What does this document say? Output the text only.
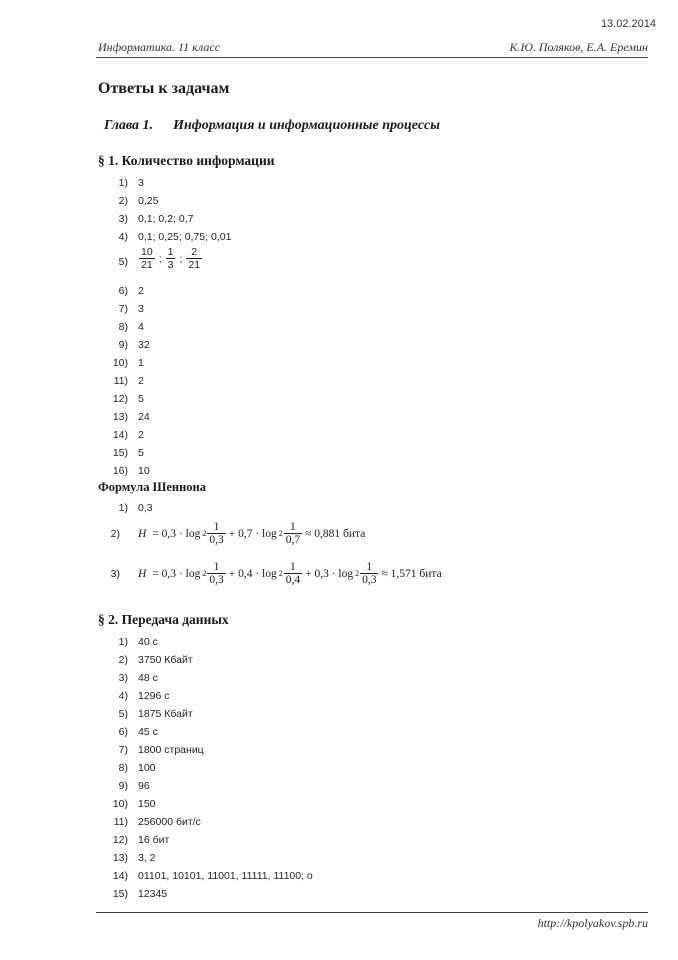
13.02.2014
Информатика. 11 класс	К.Ю. Поляков, Е.А. Еремин
Ответы к задачам
Глава 1. Информация и информационные процессы
§ 1. Количество информации
1) 3
2) 0,25
3) 0,1; 0,2; 0,7
4) 0,1; 0,25; 0,75; 0,01
$5) \frac{10}{21}$ ; $\frac{1}{3}$ ; $\frac{2}{21}$
6) 2
7) 3
8) 4
9) 32
10) 1
11) 2
12) 5
13) 24
14) 2
15) 5
16) 10
Формула Шеннона
1) 0,3
2) $H = 0,3 \cdot \log 2 \frac{1}{0,3} + 0,7 \cdot \log 2 \frac{1}{0,7} \approx 0,881$ бита
3) $H = 0,3 \cdot \log 2 \frac{1}{0,3} + 0,4 \cdot \log 2 \frac{1}{0,4} + 0,3 \cdot \log 2 \frac{1}{0,3} \approx 1,571$ бита
§ 2. Передача данных
1) 40 с
2) 3750 Кбайт
3) 48 с
4) 1296 с
5) 1875 Кбайт
6) 45 с
7) 1800 страниц
8) 100
9) 96
10) 150
11) 256000 бит/с
12) 16 бит
13) 3, 2
14) 01101, 10101, 11001, 11111, 11100; о
15) 12345
http://kpolyakov.spb.ru
